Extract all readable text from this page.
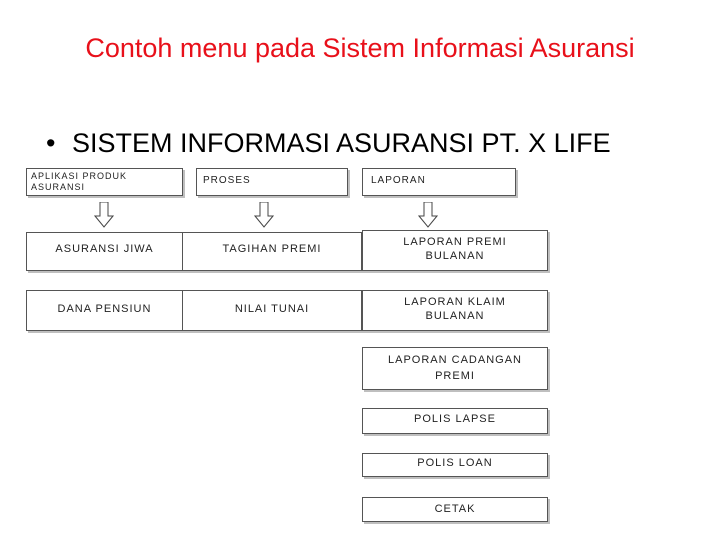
Contoh menu pada Sistem Informasi Asuransi
• SISTEM INFORMASI ASURANSI PT. X LIFE
APLIKASI PRODUK ASURANSI
PROSES	LAPORAN
ASURANSI JIWA	TAGIHAN PREMI
LAPORAN PREMI BULANAN
DANA PENSIUN	NILAI TUNAI
LAPORAN KLAIM BULANAN
LAPORAN CADANGAN PREMI
POLIS LAPSE
POLIS LOAN
CETAK
